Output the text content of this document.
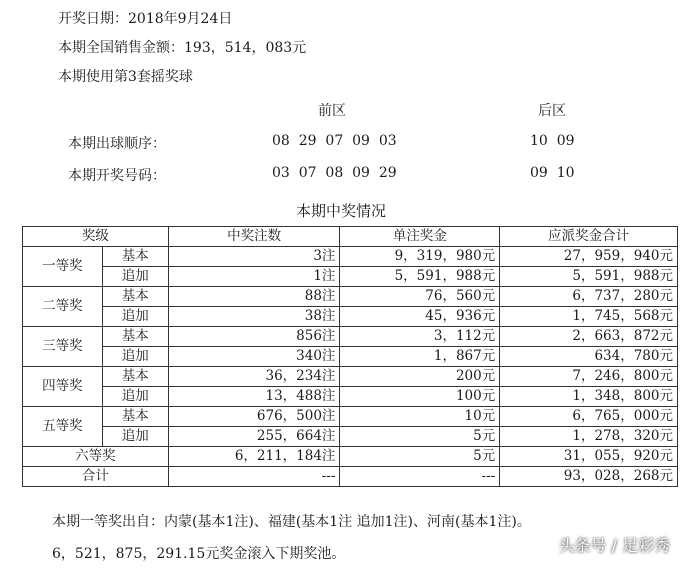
开奖日期：2018年9月24日
本期全国销售金额：193，514，083元
本期使用第3套摇奖球
前区	后区
本期出球顺序：	08  29  07  09  03	10  09
本期开奖号码：	03  07  08  09  29	09  10
本期中奖情况
奖级		中奖注数	单注奖金	应派奖金合计
一等奖	基本	3注	9，319，980元	27，959，940元
	追加	1注	5，591，988元	5，591，988元
二等奖	基本	88注	76，560元	6，737，280元
	追加	38注	45，936元	1，745，568元
三等奖	基本	856注	3，112元	2，663，872元
	追加	340注	1，867元	634，780元
四等奖	基本	36，234注	200元	7，246，800元
	追加	13，488注	100元	1，348，800元
五等奖	基本	676，500注	10元	6，765，000元
	追加	255，664注	5元	1，278，320元
六等奖		6，211，184注	5元	31，055，920元
合计		---	---	93，028，268元
本期一等奖出自：内蒙(基本1注)、福建(基本1注 追加1注)、河南(基本1注)。
6，521，875，291.15元奖金滚入下期奖池。	头条号 / 足彩秀
